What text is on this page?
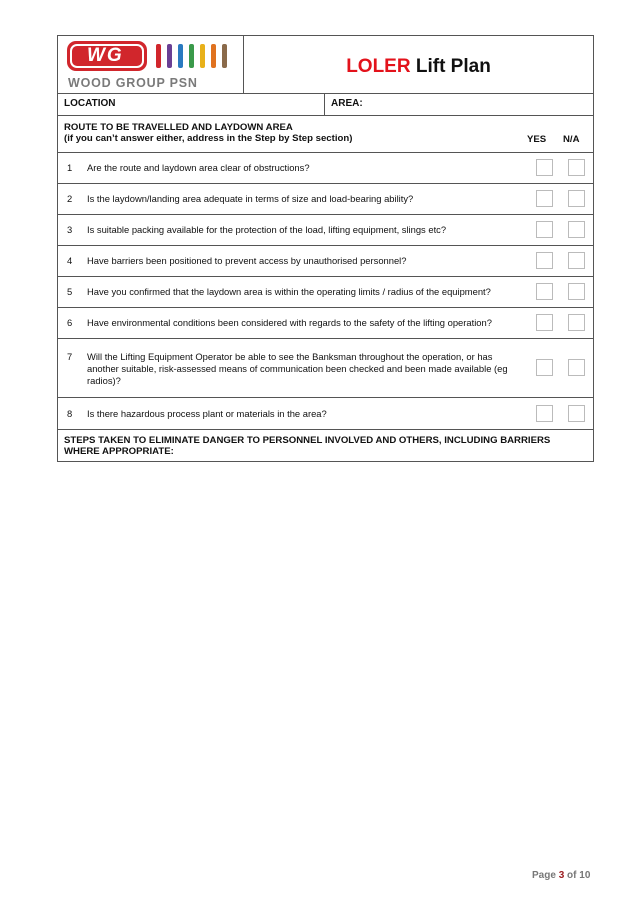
WG
WOOD GROUP PSN
LOLER Lift Plan
LOCATION	AREA:
ROUTE TO BE TRAVELLED AND LAYDOWN AREA
(if you can’t answer either, address in the Step by Step section)	YES N/A
1 Are the route and laydown area clear of obstructions?
2 Is the laydown/landing area adequate in terms of size and load-bearing ability?
3 Is suitable packing available for the protection of the load, lifting equipment, slings etc?
4 Have barriers been positioned to prevent access by unauthorised personnel?
5 Have you confirmed that the laydown area is within the operating limits / radius of the equipment?
6 Have environmental conditions been considered with regards to the safety of the lifting operation?
7 Will the Lifting Equipment Operator be able to see the Banksman throughout the operation, or has another suitable, risk-assessed means of communication been checked and been made available (eg radios)?
8 Is there hazardous process plant or materials in the area?
STEPS TAKEN TO ELIMINATE DANGER TO PERSONNEL INVOLVED AND OTHERS, INCLUDING BARRIERS WHERE APPROPRIATE:
Page 3 of 10
